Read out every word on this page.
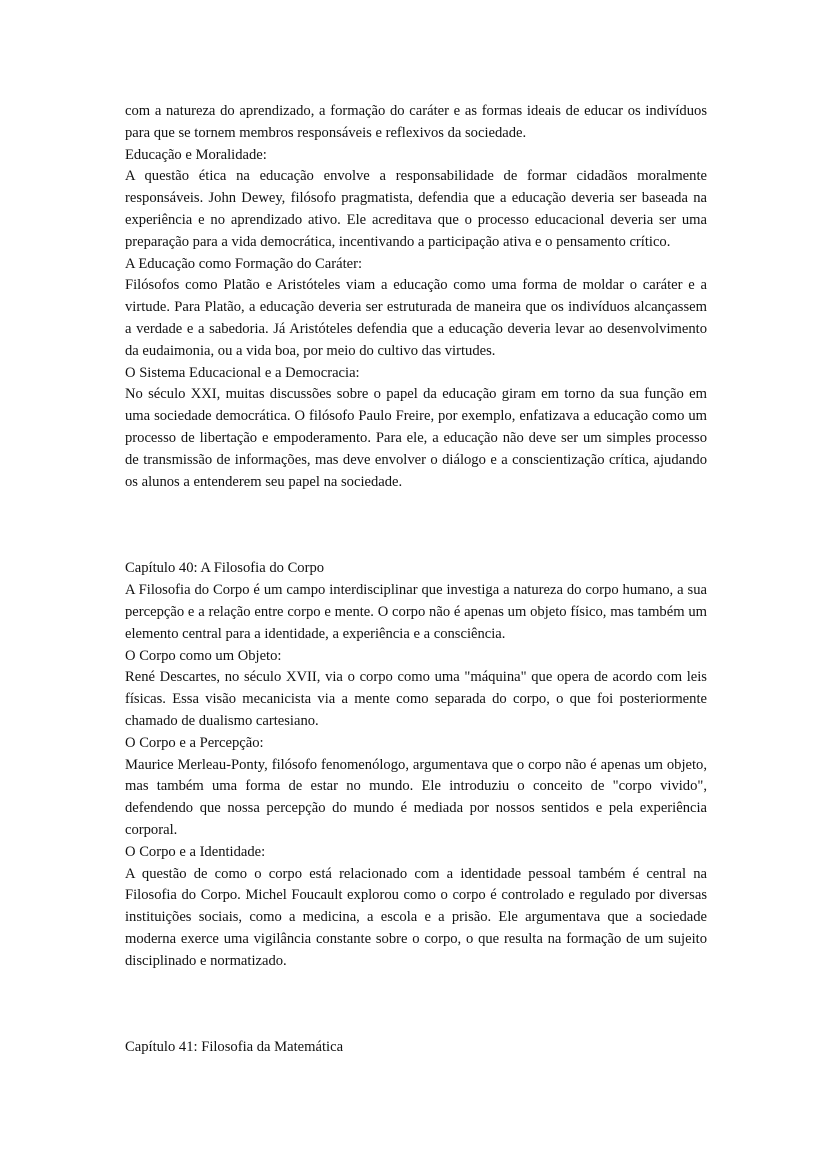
com a natureza do aprendizado, a formação do caráter e as formas ideais de educar os indivíduos para que se tornem membros responsáveis e reflexivos da sociedade.

Educação e Moralidade:

A questão ética na educação envolve a responsabilidade de formar cidadãos moralmente responsáveis. John Dewey, filósofo pragmatista, defendia que a educação deveria ser baseada na experiência e no aprendizado ativo. Ele acreditava que o processo educacional deveria ser uma preparação para a vida democrática, incentivando a participação ativa e o pensamento crítico.

A Educação como Formação do Caráter:

Filósofos como Platão e Aristóteles viam a educação como uma forma de moldar o caráter e a virtude. Para Platão, a educação deveria ser estruturada de maneira que os indivíduos alcançassem a verdade e a sabedoria. Já Aristóteles defendia que a educação deveria levar ao desenvolvimento da eudaimonia, ou a vida boa, por meio do cultivo das virtudes.

O Sistema Educacional e a Democracia:

No século XXI, muitas discussões sobre o papel da educação giram em torno da sua função em uma sociedade democrática. O filósofo Paulo Freire, por exemplo, enfatizava a educação como um processo de libertação e empoderamento. Para ele, a educação não deve ser um simples processo de transmissão de informações, mas deve envolver o diálogo e a conscientização crítica, ajudando os alunos a entenderem seu papel na sociedade.

Capítulo 40: A Filosofia do Corpo

A Filosofia do Corpo é um campo interdisciplinar que investiga a natureza do corpo humano, a sua percepção e a relação entre corpo e mente. O corpo não é apenas um objeto físico, mas também um elemento central para a identidade, a experiência e a consciência.

O Corpo como um Objeto:

René Descartes, no século XVII, via o corpo como uma "máquina" que opera de acordo com leis físicas. Essa visão mecanicista via a mente como separada do corpo, o que foi posteriormente chamado de dualismo cartesiano.

O Corpo e a Percepção:

Maurice Merleau-Ponty, filósofo fenomenólogo, argumentava que o corpo não é apenas um objeto, mas também uma forma de estar no mundo. Ele introduziu o conceito de "corpo vivido", defendendo que nossa percepção do mundo é mediada por nossos sentidos e pela experiência corporal.

O Corpo e a Identidade:

A questão de como o corpo está relacionado com a identidade pessoal também é central na Filosofia do Corpo. Michel Foucault explorou como o corpo é controlado e regulado por diversas instituições sociais, como a medicina, a escola e a prisão. Ele argumentava que a sociedade moderna exerce uma vigilância constante sobre o corpo, o que resulta na formação de um sujeito disciplinado e normatizado.

Capítulo 41: Filosofia da Matemática
